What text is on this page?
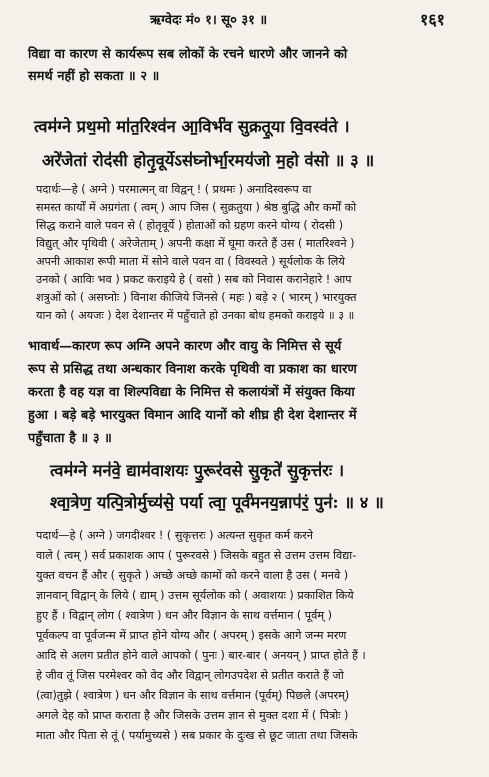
ऋग्वेदः मं० १। सू० ३१ ॥	१६१
विद्या वा कारण से कार्यरूप सब लोकों के रचने धारणे और जानने को
समर्थ नहीं हो सकता ॥ २ ॥
त्वम॑ग्ने प्रथ॒मो मा॑त॒रिश्व॑न आ॒विर्भ॑व सुक्रतू॒या वि॒वस्व॑ते ।
अरे॑जेतां रोद॑सी होतृ॒वूर्येऽस॑घ्नोर्भा॒रमय॑जो म॒हो व॑सो ॥ ३ ॥
पदार्थः—हे ( अग्ने ) परमात्मन् वा विद्वन् ! ( प्रथमः ) अनादिस्वरूप वा
समस्त कार्यों में अग्रगंता ( त्वम् ) आप जिस ( सुक्रतुया ) श्रेष्ठ बुद्धि और कर्मों को
सिद्ध कराने वाले पवन से ( होतृवूर्ये ) होताओं को ग्रहण करने योग्य ( रोदसी )
विद्युत् और पृथिवी ( अरेजेताम् ) अपनी कक्षा में घूमा करते हैं उस ( मातरिश्वने )
अपनी आकाश रूपी माता में सोने वाले पवन वा ( विवस्वते ) सूर्यलोक के लिये
उनको ( आविः भव ) प्रकट कराइये हे ( वसो ) सब को निवास करानेहारे ! आप
शत्रुओं को ( असघ्नोः ) विनाश कीजिये जिनसे ( महः ) बड़े २ ( भारम् ) भारयुक्त
यान को ( अयजः ) देश देशान्तर में पहुँचाते हो उनका बोध हमको कराइये ॥ ३ ॥
भावार्थ—कारण रूप अग्नि अपने कारण और वायु के निमित्त से सूर्य
रूप से प्रसिद्ध तथा अन्धकार विनाश करके पृथिवी वा प्रकाश का धारण
करता है वह यज्ञ वा शिल्पविद्या के निमित्त से कलायंत्रों में संयुक्त किया
हुआ । बड़े बड़े भारयुक्त विमान आदि यानों को शीघ्र ही देश देशान्तर में
पहुँचाता है ॥ ३ ॥
त्वम॑ग्ने मन॑वे॒ द्याम॑वाशयः पु॒रूर॑वसे सु॒कृते॑ सु॒कृत्त॑रः ।
श्वा॒त्रेण॒ यत्पि॒त्रोर्मुच्य॑से॒ पर्या त्वा॒ पूर्व॑मनय॒न्नाप॑रं॒ पुन॑: ॥ ४ ॥
पदार्थ—हे ( अग्ने ) जगदीश्वर ! ( सुकृत्तरः ) अत्यन्त सुकृत कर्म करने
वाले ( त्वम् ) सर्व प्रकाशक आप ( पुरूरवसे ) जिसके बहुत से उत्तम उत्तम विद्या-
युक्त वचन हैं और ( सुकृते ) अच्छे अच्छे कामों को करने वाला है उस ( मनवे )
ज्ञानवान् विद्वान् के लिये ( द्याम् ) उत्तम सूर्यलोक को ( अवाशयः ) प्रकाशित किये
हुए हैं । विद्वान् लोग ( श्वात्रेण ) धन और विज्ञान के साथ वर्त्तमान ( पूर्वम् )
पूर्वकल्प वा पूर्वजन्म में प्राप्त होने योग्य और ( अपरम् ) इसके आगे जन्म मरण
आदि से अलग प्रतीत होने वाले आपको ( पुनः ) बार-बार ( अनयन् ) प्राप्त होते हैं ।
हे जीव तूं जिस परमेश्वर को वेद और विद्वान् लोगउपदेश से प्रतीत कराते हैं जो
(त्वा)तुझे ( श्वात्रेण ) धन और विज्ञान के साथ वर्त्तमान (पूर्वम्) पिछले (अपरम्)
अगले देह को प्राप्त कराता है और जिसके उत्तम ज्ञान से मुक्त दशा में ( पित्रोः )
माता और पिता से तूं ( पर्यामुच्यसे ) सब प्रकार के दुःख से छूट जाता तथा जिसके
